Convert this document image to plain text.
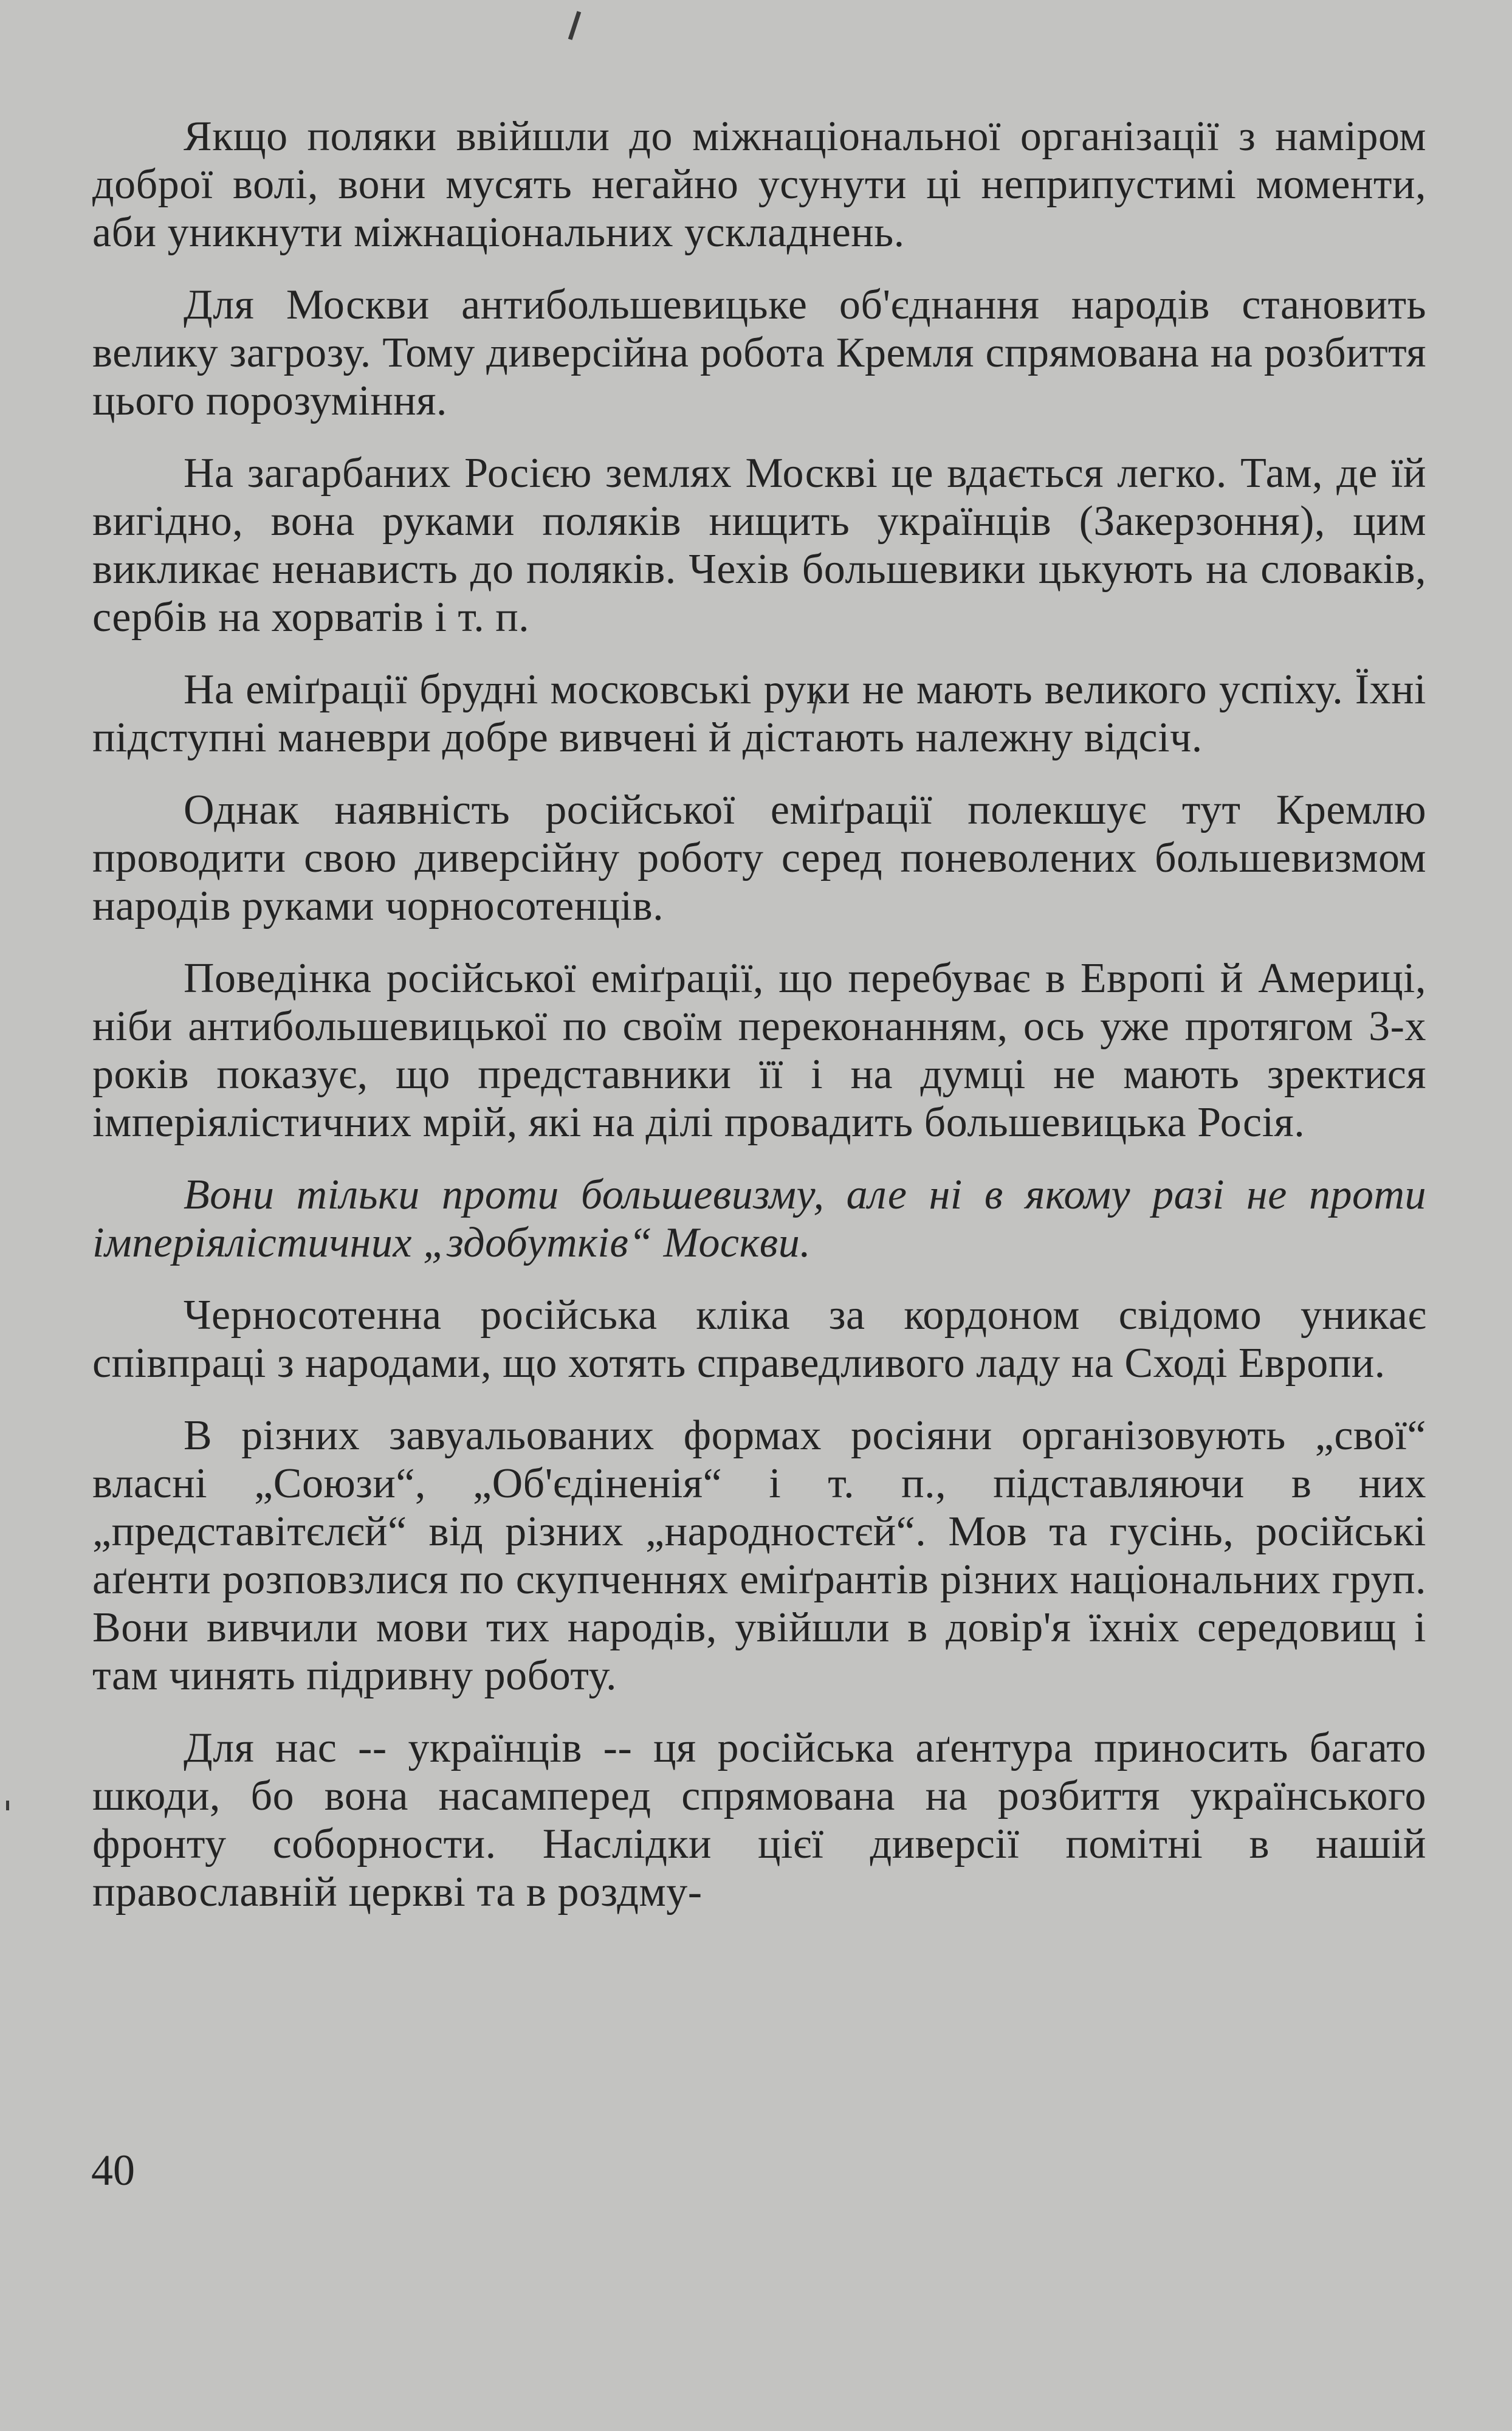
Якщо поляки ввійшли до міжнаціональної організації з наміром доброї волі, вони мусять негайно усунути ці неприпустимі моменти, аби уникнути міжнаціональних ускладнень.

Для Москви антибольшевицьке об'єднання народів становить велику загрозу. Тому диверсійна робота Кремля спрямована на розбиття цього порозуміння.

На загарбаних Росією землях Москві це вдається легко. Там, де їй вигідно, вона руками поляків нищить українців (Закерзоння), цим викликає ненависть до поляків. Чехів большевики цькують на словаків, сербів на хорватів і т. п.

На еміґрації брудні московські руки не мають великого успіху. Їхні підступні маневри добре вивчені й дістають належну відсіч.

Однак наявність російської еміґрації полекшує тут Кремлю проводити свою диверсійну роботу серед поневолених большевизмом народів руками чорносотенців.

Поведінка російської еміґрації, що перебуває в Европі й Америці, ніби антибольшевицької по своїм переконанням, ось уже протягом 3-х років показує, що представники її і на думці не мають зректися імперіялістичних мрій, які на ділі провадить большевицька Росія.

Вони тільки проти большевизму, але ні в якому разі не проти імперіялістичних „здобутків“ Москви.

Черносотенна російська кліка за кордоном свідомо уникає співпраці з народами, що хотять справедливого ладу на Сході Европи.

В різних завуальованих формах росіяни організовують „свої“ власні „Союзи“, „Об'єдіненія“ і т. п., підставляючи в них „представітєлєй“ від різних „народностєй“. Мов та гусінь, російські аґенти розповзлися по скупченнях еміґрантів різних національних груп. Вони вивчили мови тих народів, увійшли в довір'я їхніх середовищ і там чинять підривну роботу.

Для нас -- українців -- ця російська аґентура приносить багато шкоди, бо вона насамперед спрямована на розбиття українського фронту соборности. Наслідки цієї диверсії помітні в нашій православній церкві та в роздму-

40
